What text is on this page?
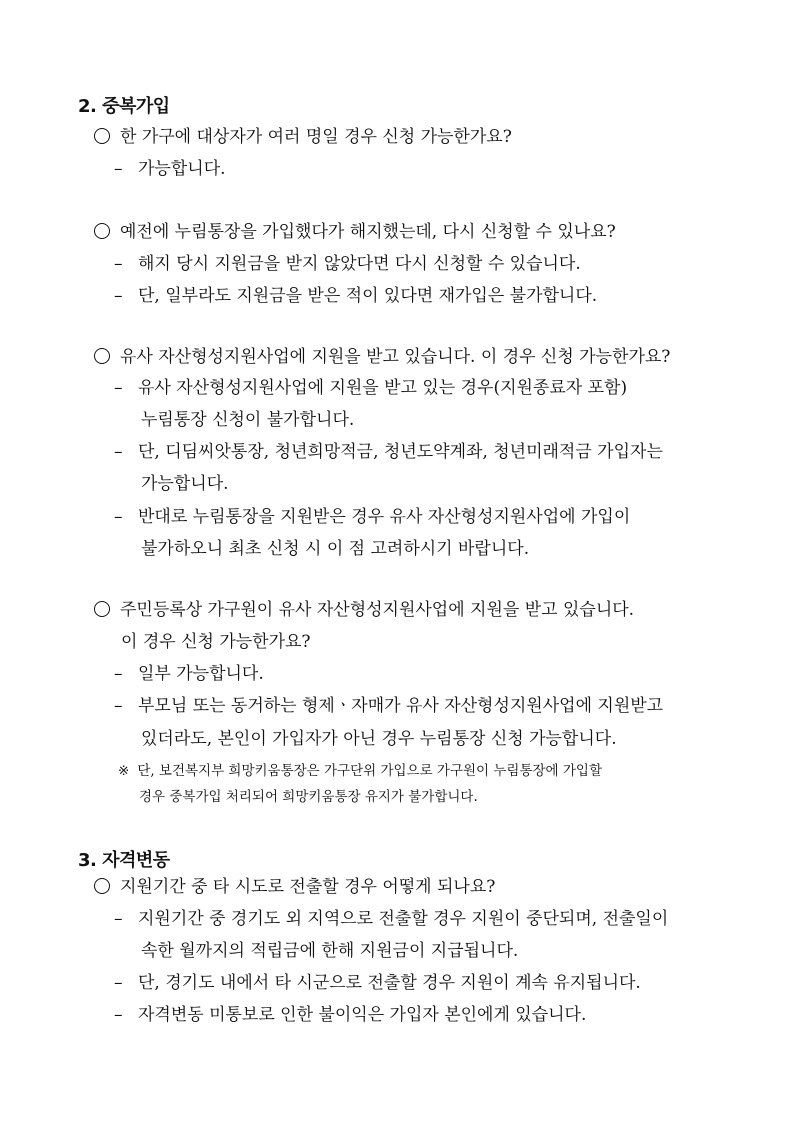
2. 중복가입
한 가구에 대상자가 여러 명일 경우 신청 가능한가요?
– 가능합니다.
예전에 누림통장을 가입했다가 해지했는데, 다시 신청할 수 있나요?
– 해지 당시 지원금을 받지 않았다면 다시 신청할 수 있습니다.
– 단, 일부라도 지원금을 받은 적이 있다면 재가입은 불가합니다.
유사 자산형성지원사업에 지원을 받고 있습니다. 이 경우 신청 가능한가요?
– 유사 자산형성지원사업에 지원을 받고 있는 경우(지원종료자 포함)
누림통장 신청이 불가합니다.
– 단, 디딤씨앗통장, 청년희망적금, 청년도약계좌, 청년미래적금 가입자는
가능합니다.
– 반대로 누림통장을 지원받은 경우 유사 자산형성지원사업에 가입이
불가하오니 최초 신청 시 이 점 고려하시기 바랍니다.
주민등록상 가구원이 유사 자산형성지원사업에 지원을 받고 있습니다.
이 경우 신청 가능한가요?
– 일부 가능합니다.
– 부모님 또는 동거하는 형제ㆍ자매가 유사 자산형성지원사업에 지원받고
있더라도, 본인이 가입자가 아닌 경우 누림통장 신청 가능합니다.
※ 단, 보건복지부 희망키움통장은 가구단위 가입으로 가구원이 누림통장에 가입할
경우 중복가입 처리되어 희망키움통장 유지가 불가합니다.
3. 자격변동
지원기간 중 타 시도로 전출할 경우 어떻게 되나요?
– 지원기간 중 경기도 외 지역으로 전출할 경우 지원이 중단되며, 전출일이
속한 월까지의 적립금에 한해 지원금이 지급됩니다.
– 단, 경기도 내에서 타 시군으로 전출할 경우 지원이 계속 유지됩니다.
– 자격변동 미통보로 인한 불이익은 가입자 본인에게 있습니다.
